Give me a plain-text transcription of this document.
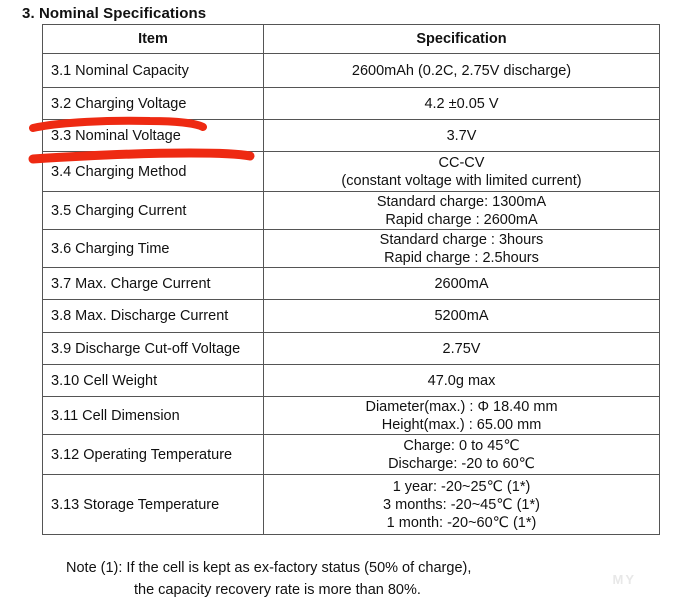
3. Nominal Specifications
Item	Specification
3.1 Nominal Capacity	2600mAh (0.2C, 2.75V discharge)

3.2 Charging Voltage	4.2 ±0.05 V

3.3 Nominal Voltage	3.7V

3.4 Charging Method	CC-CV
(constant voltage with limited current)

3.5 Charging Current	Standard charge: 1300mA
Rapid charge : 2600mA

3.6 Charging Time	Standard charge : 3hours
Rapid charge : 2.5hours

3.7 Max. Charge Current	2600mA

3.8 Max. Discharge Current	5200mA

3.9 Discharge Cut-off Voltage	2.75V

3.10 Cell Weight	47.0g max

3.11 Cell Dimension	Diameter(max.) : Φ 18.40 mm
Height(max.) : 65.00 mm

3.12 Operating Temperature	Charge: 0 to 45℃
Discharge: -20 to 60℃

3.13 Storage Temperature	1 year: -20~25℃ (1*)
3 months: -20~45℃ (1*)
1 month: -20~60℃ (1*)
Note (1): If the cell is kept as ex-factory status (50% of charge),
the capacity recovery rate is more than 80%.
MY
